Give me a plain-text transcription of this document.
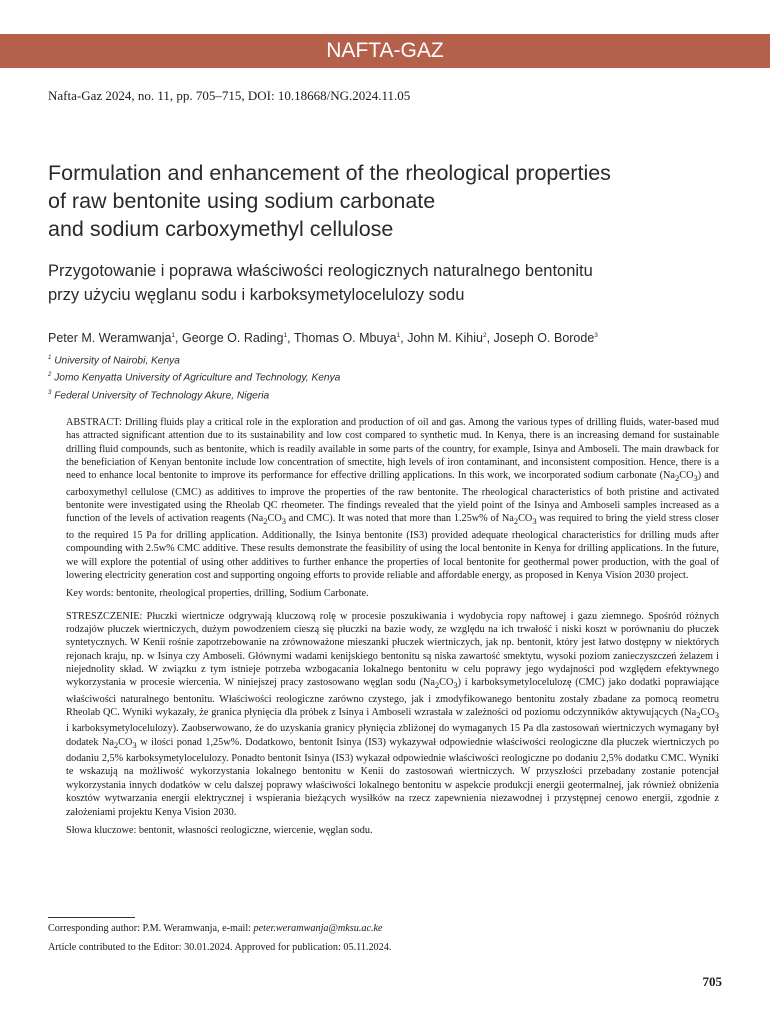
NAFTA-GAZ
Nafta-Gaz 2024, no. 11, pp. 705–715, DOI: 10.18668/NG.2024.11.05
Formulation and enhancement of the rheological properties
of raw bentonite using sodium carbonate
and sodium carboxymethyl cellulose
Przygotowanie i poprawa właściwości reologicznych naturalnego bentonitu
przy użyciu węglanu sodu i karboksymetylocelulozy sodu
Peter M. Weramwanja$^1$, George O. Rading$^1$, Thomas O. Mbuya$^1$, John M. Kihiu$^2$, Joseph O. Borode$^3$
$^1$ University of Nairobi, Kenya
$^2$ Jomo Kenyatta University of Agriculture and Technology, Kenya
$^3$ Federal University of Technology Akure, Nigeria

ABSTRACT: Drilling fluids play a critical role in the exploration and production of oil and gas. Among the various types of drilling fluids, water-based mud has attracted significant attention due to its sustainability and low cost compared to synthetic mud. In Kenya, there is an increasing demand for sustainable drilling fluid compounds, such as bentonite, which is readily available in some parts of the country, for example, Isinya and Amboseli. The main drawback for the beneficiation of Kenyan bentonite include low concentration of smectite, high levels of iron contaminant, and inconsistent composition. Hence, there is a need to enhance local bentonite to improve its performance for effective drilling applications. In this work, we incorporated sodium carbonate $(Na_2CO_3)$ and carboxymethyl cellulose (CMC) as additives to improve the properties of the raw bentonite. The rheological characteristics of both pristine and activated bentonite were investigated using the Rheolab QC rheometer. The findings revealed that the yield point of the Isinya and Amboseli samples increased as a function of the levels of activation reagents ($Na_2CO_3$ and CMC). It was noted that more than 1.25w% of $Na_2CO_3$ was required to bring the yield stress closer to the required 15 Pa for drilling application. Additionally, the Isinya bentonite (IS3) provided adequate rheological characteristics for drilling muds after compounding with 2.5w% CMC additive. These results demonstrate the feasibility of using the local bentonite in Kenya for drilling applications. In the future, we will explore the potential of using other additives to further enhance the properties of local bentonite for geothermal power production, with the goal of lowering electricity generation cost and supporting ongoing efforts to provide reliable and affordable energy, as proposed in Kenya Vision 2030 project.

Key words: bentonite, rheological properties, drilling, Sodium Carbonate.

STRESZCZENIE: Płuczki wiertnicze odgrywają kluczową rolę w procesie poszukiwania i wydobycia ropy naftowej i gazu ziemnego. Spośród różnych rodzajów płuczek wiertniczych, dużym powodzeniem cieszą się płuczki na bazie wody, ze względu na ich trwałość i niski koszt w porównaniu do płuczek syntetycznych. W Kenii rośnie zapotrzebowanie na zrównoważone mieszanki płuczek wiertniczych, jak np. bentonit, który jest łatwo dostępny w niektórych rejonach kraju, np. w Isinya czy Amboseli. Głównymi wadami kenijskiego bentonitu są niska zawartość smektytu, wysoki poziom zanieczyszczeń żelazem i niejednolity skład. W związku z tym istnieje potrzeba wzbogacania lokalnego bentonitu w celu poprawy jego wydajności pod względem efektywnego wykorzystania w procesie wiercenia. W niniejszej pracy zastosowano węglan sodu $(Na_2CO_3)$ i karboksymetylocelulozę (CMC) jako dodatki poprawiające właściwości naturalnego bentonitu. Właściwości reologiczne zarówno czystego, jak i zmodyfikowanego bentonitu zostały zbadane za pomocą reometru Rheolab QC. Wyniki wykazały, że granica płynięcia dla próbek z Isinya i Amboseli wzrastała w zależności od poziomu odczynników aktywujących ($Na_2CO_3$ i karboksymetylocelulozy). Zaobserwowano, że do uzyskania granicy płynięcia zbliżonej do wymaganych 15 Pa dla zastosowań wiertniczych wymagany był dodatek $Na_2CO_3$ w ilości ponad 1,25w%. Dodatkowo, bentonit Isinya (IS3) wykazywał odpowiednie właściwości reologiczne dla płuczek wiertniczych po dodaniu 2,5% karboksymetylocelulozy. Ponadto bentonit Isinya (IS3) wykazał odpowiednie właściwości reologiczne po dodaniu 2,5% dodatku CMC. Wyniki te wskazują na możliwość wykorzystania lokalnego bentonitu w Kenii do zastosowań wiertniczych. W przyszłości przebadany zostanie potencjał wykorzystania innych dodatków w celu dalszej poprawy właściwości lokalnego bentonitu w aspekcie produkcji energii geotermalnej, jak również obniżenia kosztów wytwarzania energii elektrycznej i wspierania bieżących wysiłków na rzecz zapewnienia niezawodnej i przystępnej cenowo energii, zgodnie z założeniami projektu Kenya Vision 2030.

Słowa kluczowe: bentonit, własności reologiczne, wiercenie, węglan sodu.

Corresponding author: P.M. Weramwanja, e-mail: peter.weramwanja@mksu.ac.ke
Article contributed to the Editor: 30.01.2024. Approved for publication: 05.11.2024.
705
